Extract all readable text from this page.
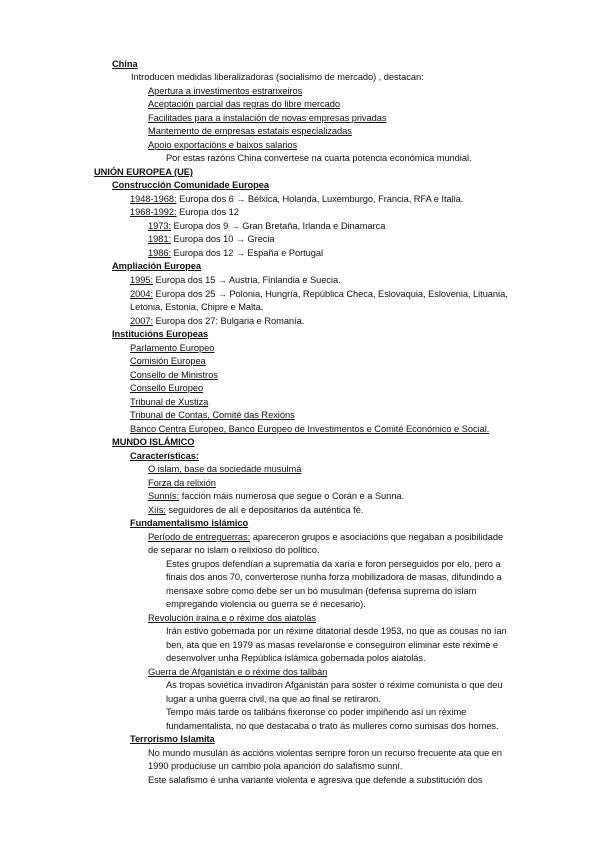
China
Introducen medidas liberalizadoras (socialismo de mercado) , destacan:
Apertura a investimentos estranxeiros
Aceptación parcial das regras do libre mercado
Facilitades para a instalación de novas empresas privadas
Mantemento de empresas estatais especializadas
Apoio exportacións e baixos salarios
Por estas razóns China convértese na cuarta potencia económica mundial.
UNIÓN EUROPEA (UE)
Construcción Comunidade Europea
1948-1968: Europa dos 6 → Bélxica, Holanda, Luxemburgo, Francia, RFA e Italia.
1968-1992: Europa dos 12
1973: Europa dos 9 → Gran Bretaña, Irlanda e Dinamarca
1981: Europa dos 10 → Grecia
1986: Europa dos 12 → España e Portugal
Ampliación Europea
1995: Europa dos 15 → Austria, Finlandia e Suecia.
2004: Europa dos 25 → Polonia, Hungría, República Checa, Eslovaquia, Eslovenia, Lituania,
Letonia, Estonia, Chipre e Malta.
2007: Europa dos 27: Bulgaria e Romanía.
Institucións Europeas
Parlamento Europeo
Comisión Europea
Consello de Ministros
Consello Europeo
Tribunal de Xustiza
Tribunal de Contas, Comité das Rexións
Banco Centra Europeo, Banco Europeo de Investimentos e Comité Económico e Social.
MUNDO ISLÁMICO
Características:
O islam, base da sociedade musulmá
Forza da relixión
Sunnís: facción máis numerosa que segue o Corán e a Sunna.
Xiís: seguidores de alí e depositarios da auténtica fé.
Fundamentalismo islámico
Período de entreguerras: apareceron grupos e asociacións que negaban a posibilidade
de separar no islam o relixioso do político.
Estes grupos defendían a suprematía da xaría e foron perseguidos por elo, pero a
finais dos anos 70, converterose nunha forza mobilizadora de masas, difundindo a
mensaxe sobre como debe ser un bó musulmán (defensa suprema do islam
empregando violencia ou guerra se é necesario).
Revolución iraína e o réxime dos aiatolás
Irán estivo gobernada por un réxime ditatorial desde 1953, no que as cousas no ían
ben, ata que en 1979 as masas revelaronse e conseguiron eliminar este réxime e
desenvolver unha República islámica gobernada polos aiatolás.
Guerra de Afganistán e o réxime dos talibán
As tropas soviética invadiron Afganistán para soster o réxime comunista o que deu
lugar a unha guerra civil, na que ao final se retiraron.
Tempo máis tarde os talibáns fixeronse co poder impiñendo así un réxime
fundamentalista, no que destacaba o trato ás mulleres como sumisas dos homes.
Terrorismo Islamita
No mundo musulán ás accións violentas sempre foron un recurso frecuente ata que en
1990 produciuse un cambio pola aparición do salafismo sunní.
Este salafismo é unha variante violenta e agresiva que defende a substitución dos
